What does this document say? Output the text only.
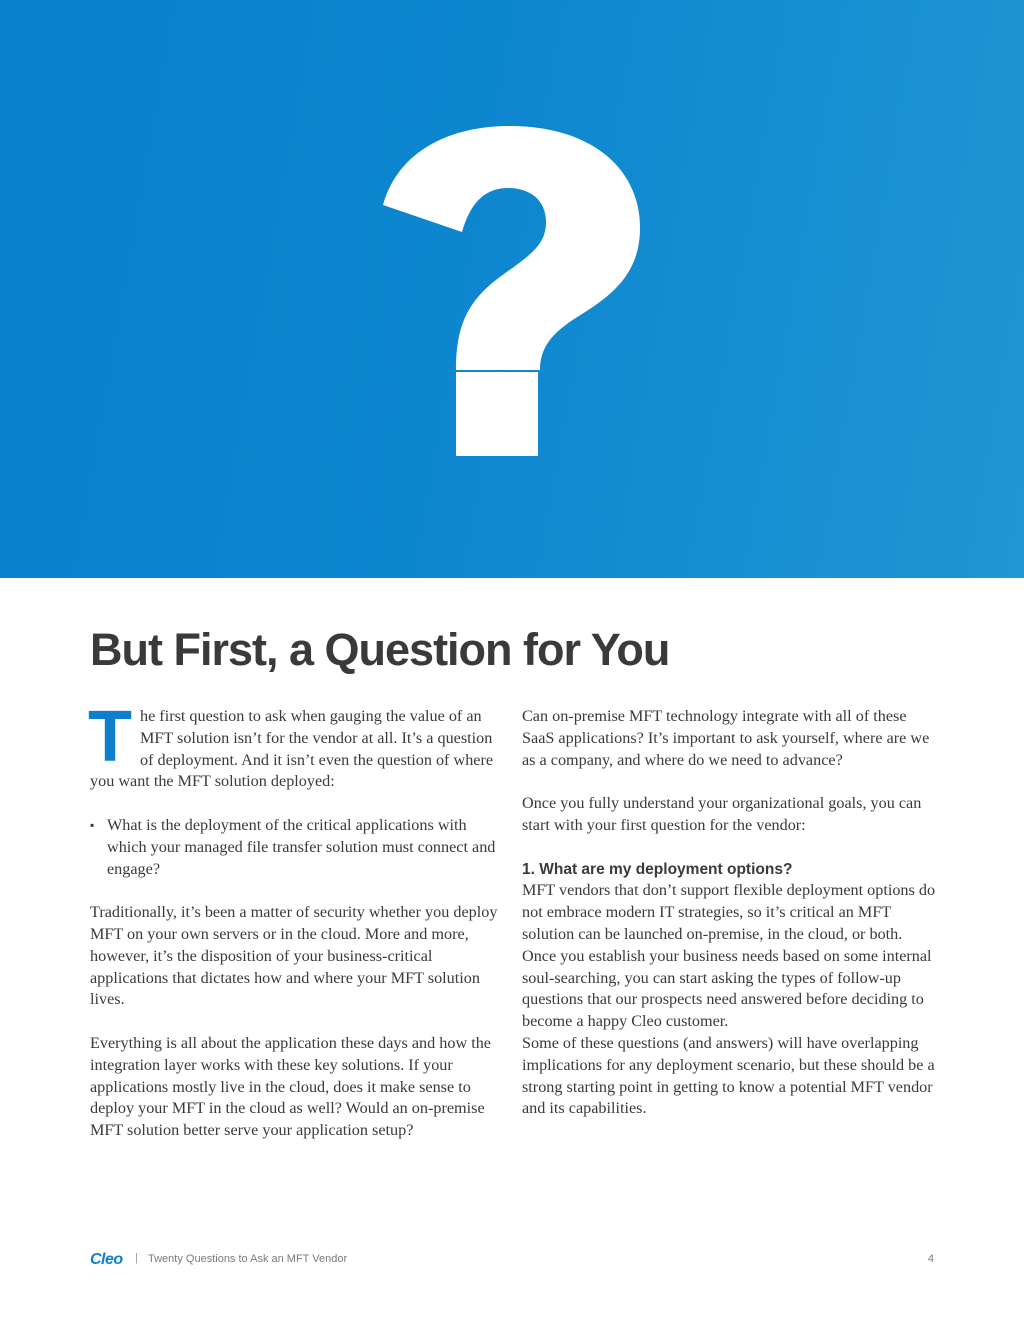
But First, a Question for You

The first question to ask when gauging the value of an MFT solution isn’t for the vendor at all. It’s a question of deployment. And it isn’t even the question of where you want the MFT solution deployed:

▪ What is the deployment of the critical applications with which your managed file transfer solution must connect and engage?

Traditionally, it’s been a matter of security whether you deploy MFT on your own servers or in the cloud. More and more, however, it’s the disposition of your business-critical applications that dictates how and where your MFT solution lives.

Everything is all about the application these days and how the integration layer works with these key solutions. If your applications mostly live in the cloud, does it make sense to deploy your MFT in the cloud as well? Would an on-premise MFT solution better serve your application setup?

Can on-premise MFT technology integrate with all of these SaaS applications? It’s important to ask yourself, where are we as a company, and where do we need to advance?

Once you fully understand your organizational goals, you can start with your first question for the vendor:

1. What are my deployment options?

MFT vendors that don’t support flexible deployment options do not embrace modern IT strategies, so it’s critical an MFT solution can be launched on-premise, in the cloud, or both. Once you establish your business needs based on some internal soul-searching, you can start asking the types of follow-up questions that our prospects need answered before deciding to become a happy Cleo customer.

Some of these questions (and answers) will have overlapping implications for any deployment scenario, but these should be a strong starting point in getting to know a potential MFT vendor and its capabilities.

Cleo | Twenty Questions to Ask an MFT Vendor	4
